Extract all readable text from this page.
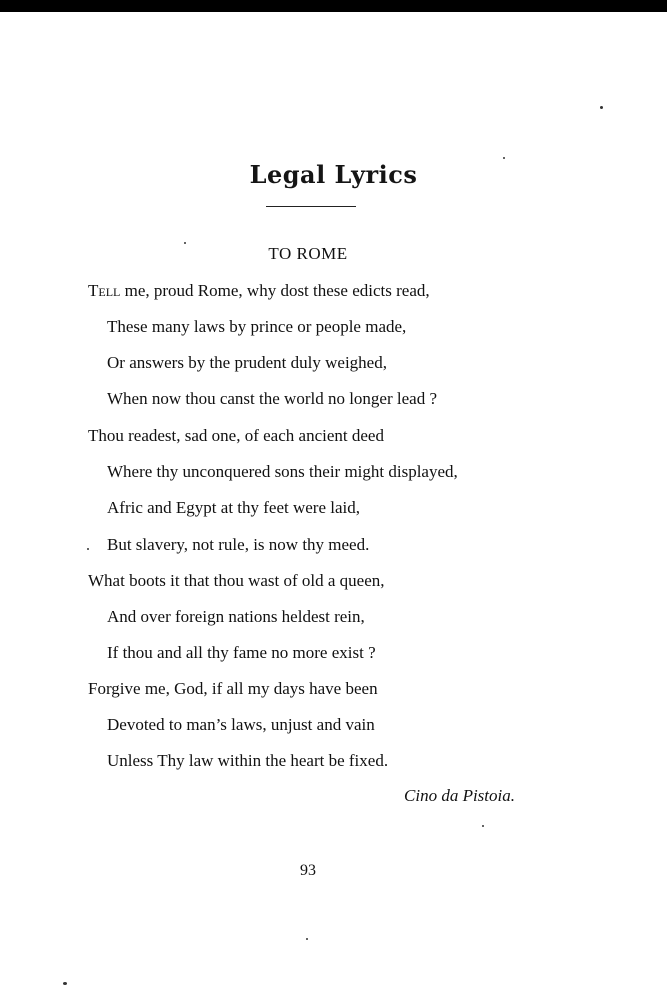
Legal Lyrics
TO ROME
Tell me, proud Rome, why dost these edicts read,
These many laws by prince or people made,
Or answers by the prudent duly weighed,
When now thou canst the world no longer lead ?
Thou readest, sad one, of each ancient deed
Where thy unconquered sons their might displayed,
Afric and Egypt at thy feet were laid,
But slavery, not rule, is now thy meed.
What boots it that thou wast of old a queen,
And over foreign nations heldest rein,
If thou and all thy fame no more exist ?
Forgive me, God, if all my days have been
Devoted to man’s laws, unjust and vain
Unless Thy law within the heart be fixed.
Cino da Pistoia.
93
